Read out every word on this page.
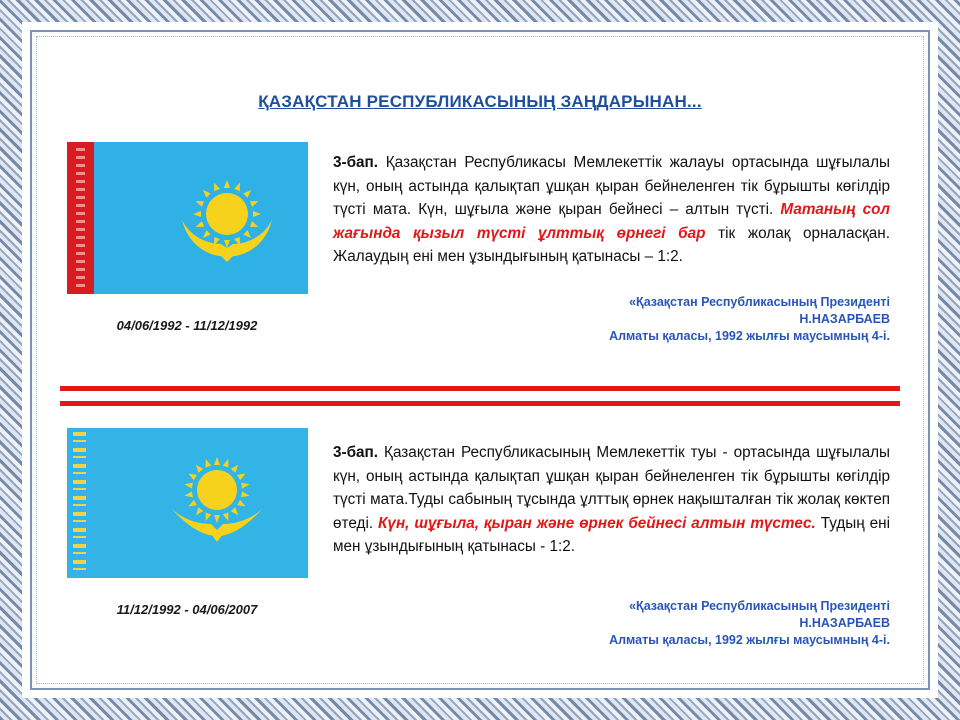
ҚАЗАҚСТАН РЕСПУБЛИКАСЫНЫҢ ЗАҢДАРЫНАН...
04/06/1992 - 11/12/1992
3-бап. Қазақстан Республикасы Мемлекеттік жалауы ортасында шұғылалы күн, оның астында қалықтап ұшқан қыран бейнеленген тік бұрышты көгілдір түсті мата. Күн, шұғыла және қыран бейнесі – алтын түсті. Матаның сол жағында қызыл түсті ұлттық өрнегі бар тік жолақ орналасқан. Жалаудың ені мен ұзындығының қатынасы – 1:2.
«Қазақстан Республикасының Президенті
Н.НАЗАРБАЕВ
Алматы қаласы, 1992 жылғы маусымның 4-і.
11/12/1992 - 04/06/2007
3-бап. Қазақстан Республикасының Мемлекеттік туы - ортасында шұғылалы күн, оның астында қалықтап ұшқан қыран бейнеленген тік бұрышты көгілдір түсті мата.Туды сабының тұсында ұлттық өрнек нақышталған тік жолақ көктеп өтеді. Күн, шұғыла, қыран және өрнек бейнесі алтын түстес. Тудың ені мен ұзындығының қатынасы - 1:2.
«Қазақстан Республикасының Президенті
Н.НАЗАРБАЕВ
Алматы қаласы, 1992 жылғы маусымның 4-і.
